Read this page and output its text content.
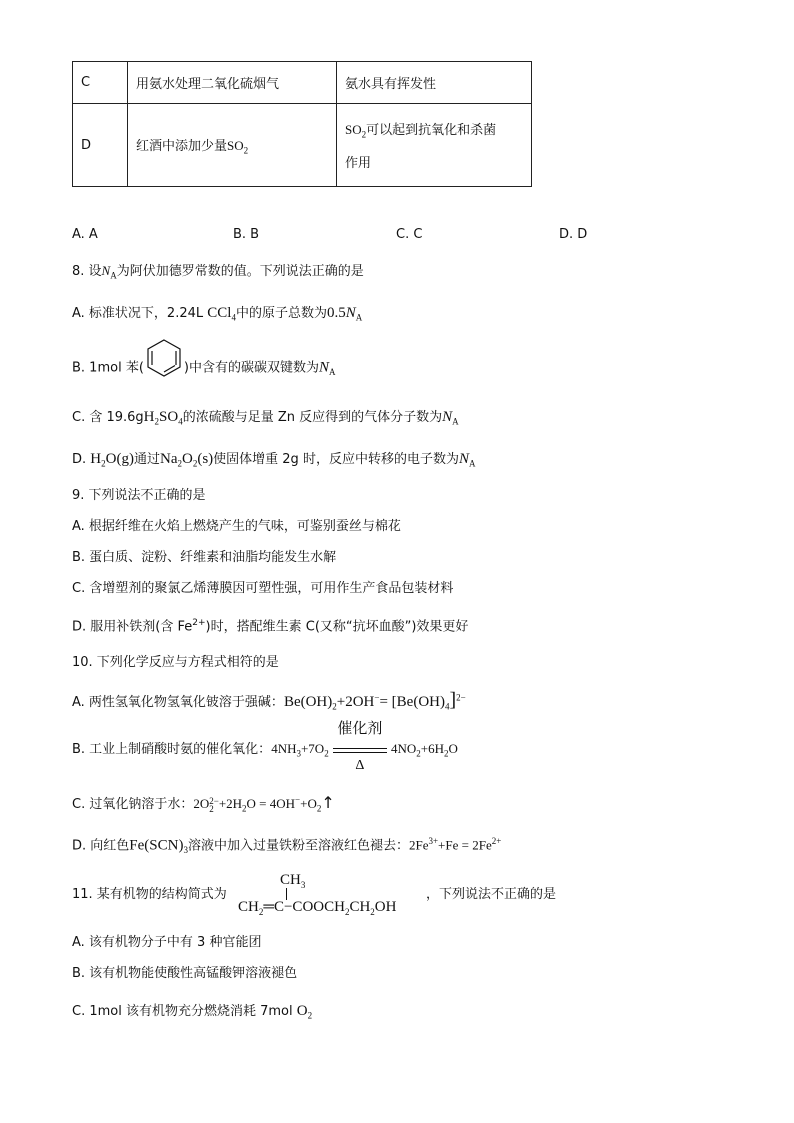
C	用氨水处理二氧化硫烟气	氨水具有挥发性
D	红酒中添加少量$SO_2$	$SO_2$可以起到抗氧化和杀菌
作用
A. A	B. B	C. C	D. D
8. 设$N_A$为阿伏加德罗常数的值。下列说法正确的是
A. 标准状况下，2.24L CCl$_4$中的原子总数为$0.5N_A$
B. 1mol 苯(	)中含有的碳碳双键数为$N_A$
C. 含 $19.6gH_2SO_4$的浓硫酸与足量 Zn 反应得到的气体分子数为$N_A$
D. $H_2O(g)$通过$Na_2O_2(s)$使固体增重 2g 时，反应中转移的电子数为$N_A$
9. 下列说法不正确的是
A. 根据纤维在火焰上燃烧产生的气味，可鉴别蚕丝与棉花
B. 蛋白质、淀粉、纤维素和油脂均能发生水解
C. 含增塑剂的聚氯乙烯薄膜因可塑性强，可用作生产食品包装材料
D. 服用补铁剂(含 $Fe^{2+}$)时，搭配维生素 C(又称“抗坏血酸”)效果更好
10. 下列化学反应与方程式相符的是
A. 两性氢氧化物氢氧化铍溶于强碱：$Be(OH)_2+2OH^-= [Be(OH)_4]^{2-}$
B. 工业上制硝酸时氨的催化氧化：$4NH_3+7O_2$
催化剂
Δ
$4NO_2+6H_2O$
C. 过氧化钠溶于水：2O 2−
$2 +2H_2O$ = $4OH^-+O_2↑$
D. 向红色$Fe(SCN)_3$溶液中加入过量铁粉至溶液红色褪去：$2Fe^{3+}+Fe = 2Fe^{2+}$
11. 某有机物的结构简式为
$CH_3$
$CH_2═C-COOCH_2CH_2OH$
，下列说法不正确的是
A. 该有机物分子中有 3 种官能团
B. 该有机物能使酸性高锰酸钾溶液褪色
C. 1mol 该有机物充分燃烧消耗 7mol $O_2$
